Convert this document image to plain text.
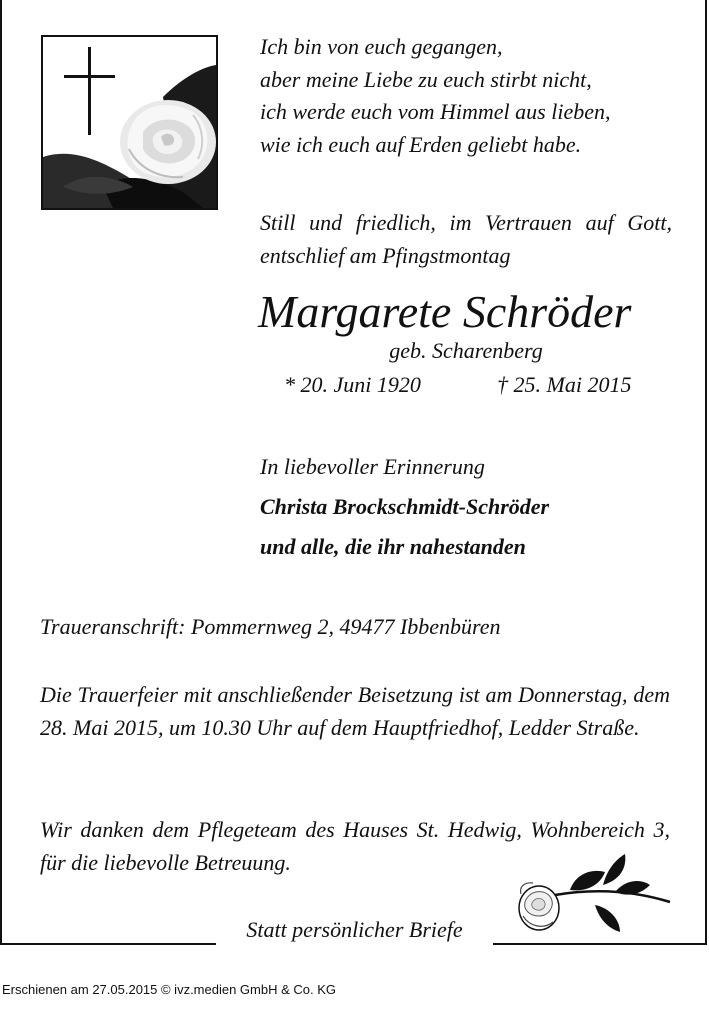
Ich bin von euch gegangen,
aber meine Liebe zu euch stirbt nicht,
ich werde euch vom Himmel aus lieben,
wie ich euch auf Erden geliebt habe.

Still und friedlich, im Vertrauen auf Gott, entschlief am Pfingstmontag

Margarete Schröder
geb. Scharenberg
* 20. Juni 1920	† 25. Mai 2015
In liebevoller Erinnerung
Christa Brockschmidt-Schröder
und alle, die ihr nahestanden
Traueranschrift: Pommernweg 2, 49477 Ibbenbüren

Die Trauerfeier mit anschließender Beisetzung ist am Donnerstag, dem 28. Mai 2015, um 10.30 Uhr auf dem Hauptfriedhof, Ledder Straße.

Wir danken dem Pflegeteam des Hauses St. Hedwig, Wohnbereich 3, für die liebevolle Betreuung.

Statt persönlicher Briefe
Erschienen am 27.05.2015 © ivz.medien GmbH & Co. KG
